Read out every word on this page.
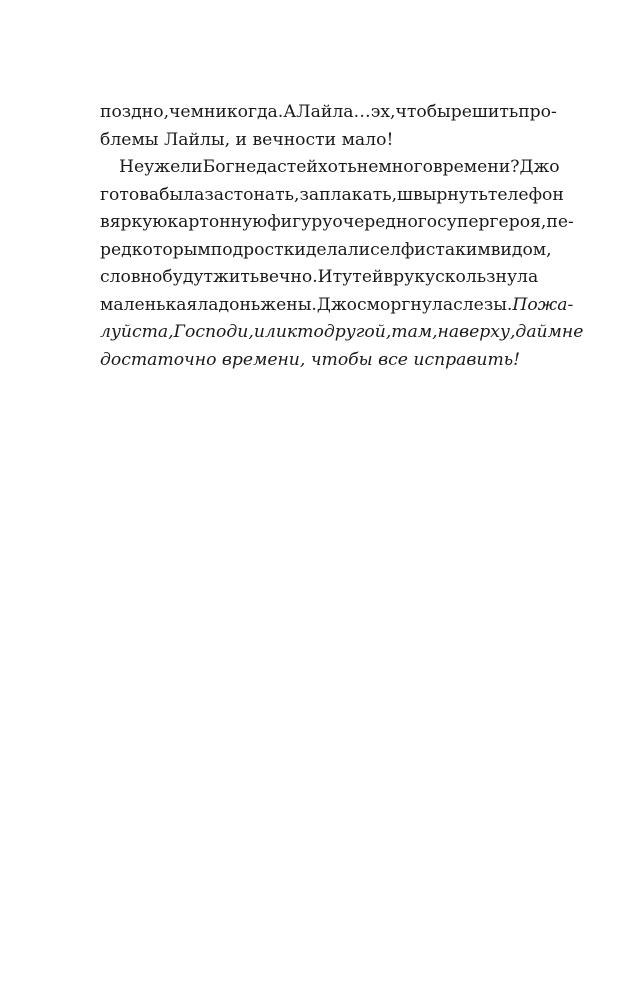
поздно, чем никогда. А Лайла… эх, чтобы решить про-
блемы Лайлы, и вечности мало!
Неужели Бог не даст ей хоть немного времени? Джо
готова была застонать, заплакать, швырнуть телефон
в яркую картонную фигуру очередного супергероя, пе-
ред которым подростки делали селфи с таким видом,
словно будут жить вечно. И тут ей в руку скользнула
маленькая ладонь жены. Джо сморгнула слезы. Пожа-
луйста, Господи, или кто другой, там, наверху, дай мне
достаточно времени, чтобы все исправить!
